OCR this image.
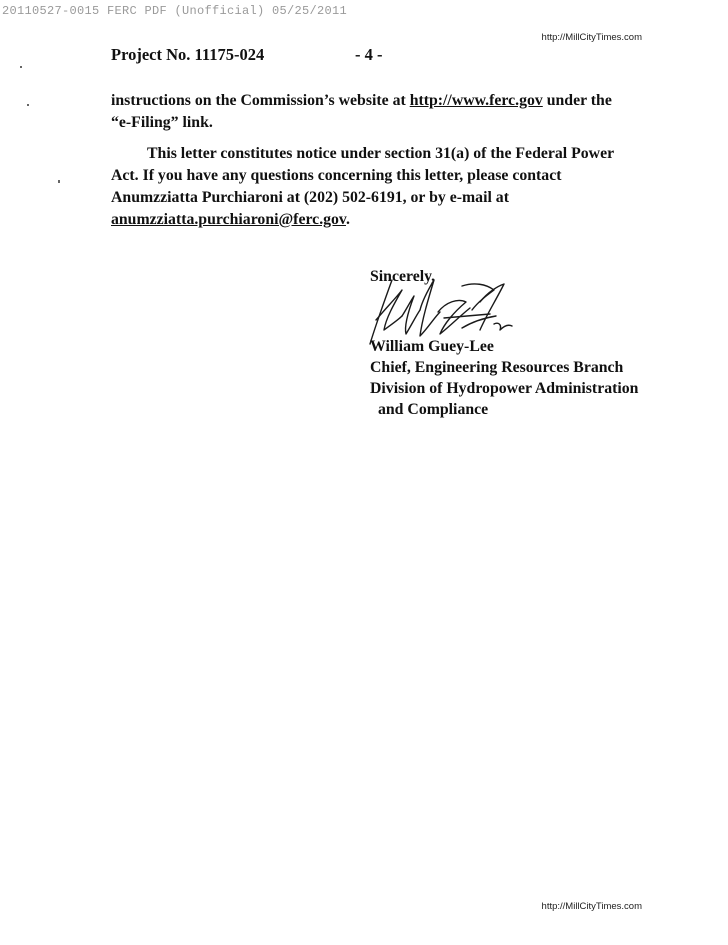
20110527-0015 FERC PDF (Unofficial) 05/25/2011
http://MillCityTimes.com
Project No. 11175-024	- 4 -
instructions on the Commission’s website at http://www.ferc.gov under the “e-Filing” link.
This letter constitutes notice under section 31(a) of the Federal Power Act. If you have any questions concerning this letter, please contact Anumzziatta Purchiaroni at (202) 502-6191, or by e-mail at anumzziatta.purchiaroni@ferc.gov.
Sincerely,
William Guey-Lee
Chief, Engineering Resources Branch
Division of Hydropower Administration
and Compliance
http://MillCityTimes.com
